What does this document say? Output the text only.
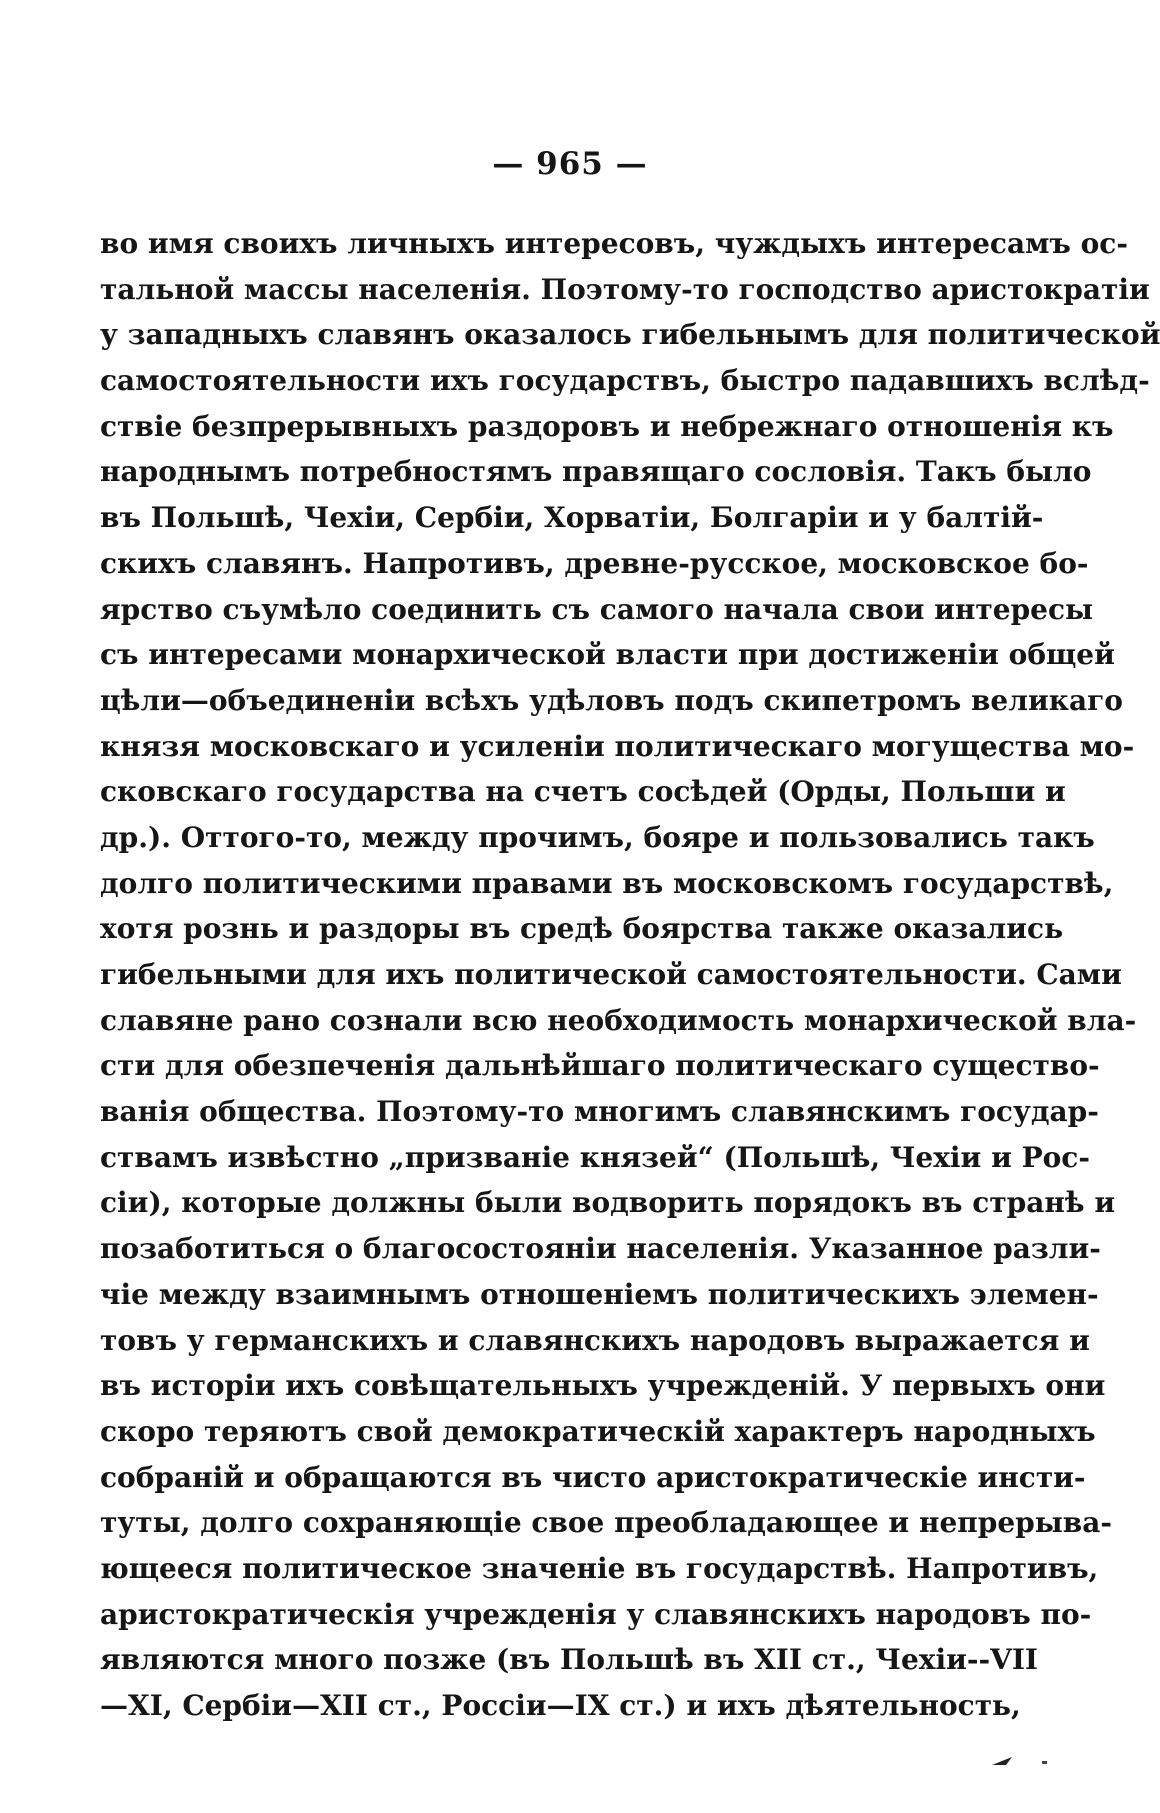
— 965 —
во имя своихъ личныхъ интересовъ, чуждыхъ интересамъ ос-
тальной массы населенія. Поэтому-то господство аристократіи
у западныхъ славянъ оказалось гибельнымъ для политической
самостоятельности ихъ государствъ, быстро падавшихъ вслѣд-
ствіе безпрерывныхъ раздоровъ и небрежнаго отношенія къ
народнымъ потребностямъ правящаго сословія. Такъ было
въ Польшѣ, Чехіи, Сербіи, Хорватіи, Болгаріи и у балтій-
скихъ славянъ. Напротивъ, древне-русское, московское бо-
ярство съумѣло соединить съ самого начала свои интересы
съ интересами монархической власти при достиженіи общей
цѣли—объединеніи всѣхъ удѣловъ подъ скипетромъ великаго
князя московскаго и усиленіи политическаго могущества мо-
сковскаго государства на счетъ сосѣдей (Орды, Польши и
др.). Оттого-то, между прочимъ, бояре и пользовались такъ
долго политическими правами въ московскомъ государствѣ,
хотя рознь и раздоры въ средѣ боярства также оказались
гибельными для ихъ политической самостоятельности. Сами
славяне рано сознали всю необходимость монархической вла-
сти для обезпеченія дальнѣйшаго политическаго существо-
ванія общества. Поэтому-то многимъ славянскимъ государ-
ствамъ извѣстно „призваніе князей“ (Польшѣ, Чехіи и Рос-
сіи), которые должны были водворить порядокъ въ странѣ и
позаботиться о благосостояніи населенія. Указанное разли-
чіе между взаимнымъ отношеніемъ политическихъ элемен-
товъ у германскихъ и славянскихъ народовъ выражается и
въ исторіи ихъ совѣщательныхъ учрежденій. У первыхъ они
скоро теряютъ свой демократическій характеръ народныхъ
собраній и обращаются въ чисто аристократическіе инсти-
туты, долго сохраняющіе свое преобладающее и непрерыва-
ющееся политическое значеніе въ государствѣ. Напротивъ,
аристократическія учрежденія у славянскихъ народовъ по-
являются много позже (въ Польшѣ въ XII ст., Чехіи--VII
—XI, Сербіи—XII ст., Россіи—IX ст.) и ихъ дѣятельность,
